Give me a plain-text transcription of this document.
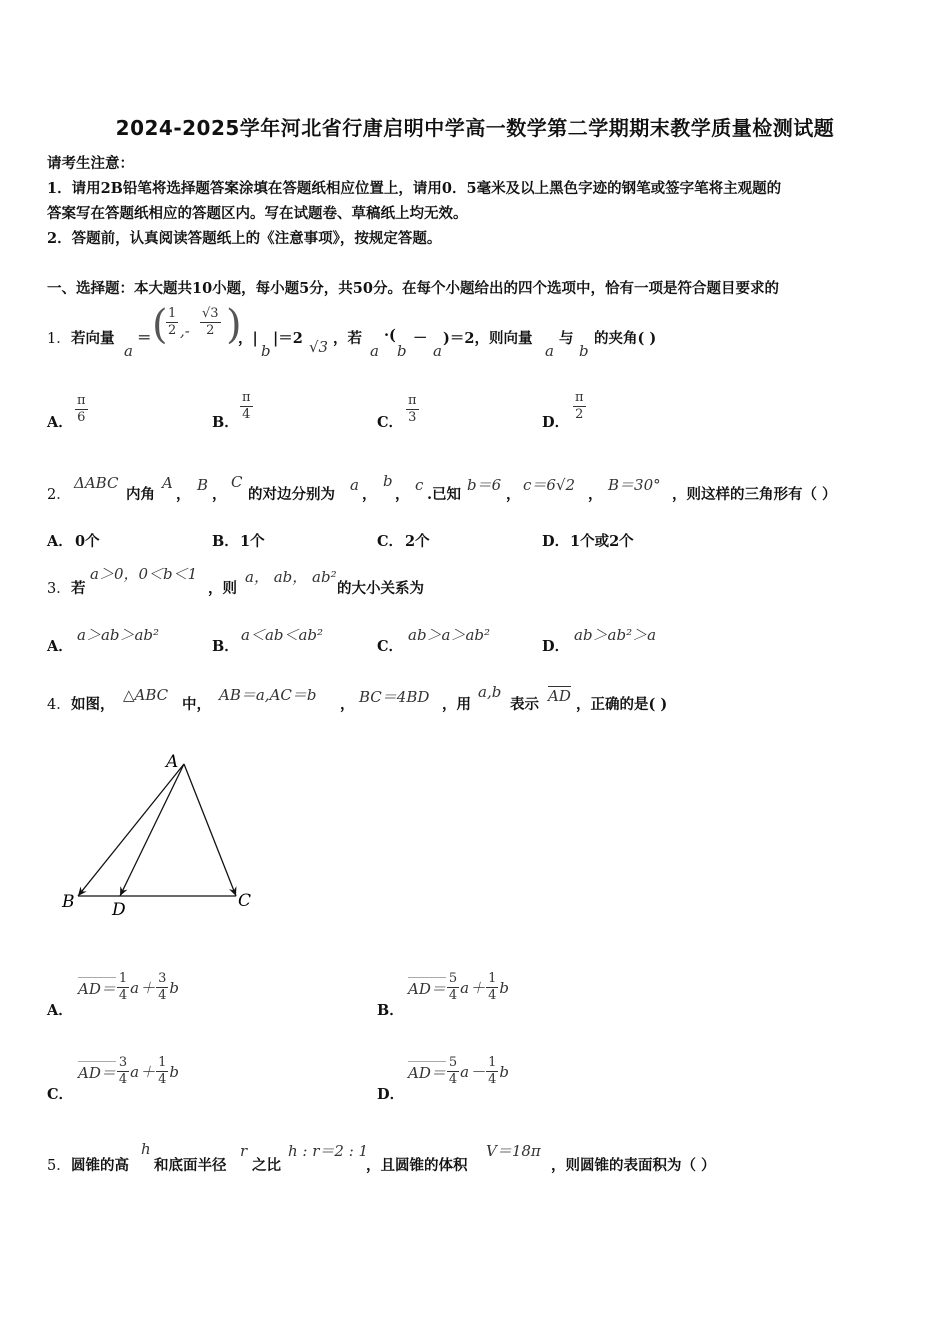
2024-2025学年河北省行唐启明中学高一数学第二学期期末教学质量检测试题
请考生注意：
1．请用2B铅笔将选择题答案涂填在答题纸相应位置上，请用0．5毫米及以上黑色字迹的钢笔或签字笔将主观题的
答案写在答题纸相应的答题区内。写在试题卷、草稿纸上均无效。
2．答题前，认真阅读答题纸上的《注意事项》，按规定答题。
一、选择题：本大题共10小题，每小题5分，共50分。在每个小题给出的四个选项中，恰有一项是符合题目要求的
1． 若向量
a
＝ (
$\frac{1}{2}$ ,- $\frac{√3}{2}$ )
，|
b
|＝2 √3 ，若
a
·(
b
－
a
)＝2，则向量
a
与
b
的夹角( )
A． $\frac{\pi}{6}$	B． $\frac{\pi}{4}$	C． $\frac{\pi}{3}$	D． $\frac{\pi}{2}$
2．
ΔABC
内角
A
，
B
，
C
的对边分别为
a
，
b
，
c
.已知
b＝6
，
c＝6√2
，
B＝30°
，则这样的三角形有（ ）
A． 0个	B． 1个	C． 2个	D． 1个或2个
3． 若
a＞0，0＜b＜1
，则
a， ab， ab²
的大小关系为
A．
a＞ab＞ab²
B．
a＜ab＜ab²
C．
ab＞a＞ab²
D．
ab＞ab²＞a
4． 如图，
△ABC
中，
AB＝a,AC＝b
， BC＝4BD ，用
a,b
表示 AD ，正确的是( )
A
B D	C
A．
$AD= \frac{1}{4}$ $a + \frac{3}{4}$ b
B．
$AD= \frac{5}{4}$ $a + \frac{1}{4}$ b
C．
$AD= \frac{3}{4}$ $a + \frac{1}{4}$ b
D．
$AD= \frac{5}{4}$ $a - \frac{1}{4}$ b
5． 圆锥的高
h
和底面半径
r
之比
h : r＝2 : 1
，且圆锥的体积
V＝18π
，则圆锥的表面积为（ ）
